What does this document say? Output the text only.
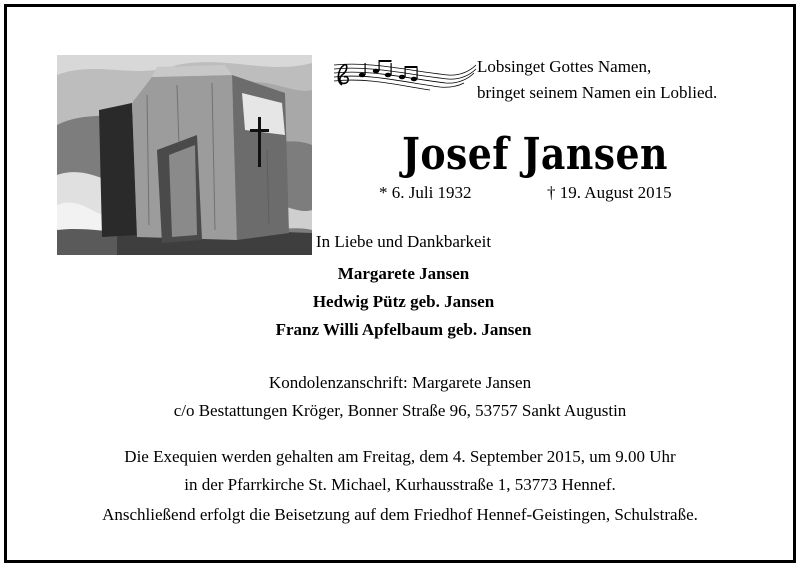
Lobsinget Gottes Namen,
bringet seinem Namen ein Loblied.
Josef Jansen
* 6. Juli 1932	† 19. August 2015
In Liebe und Dankbarkeit
Margarete Jansen
Hedwig Pütz geb. Jansen
Franz Willi Apfelbaum geb. Jansen
Kondolenzanschrift: Margarete Jansen
c/o Bestattungen Kröger, Bonner Straße 96, 53757 Sankt Augustin
Die Exequien werden gehalten am Freitag, dem 4. September 2015, um 9.00 Uhr
in der Pfarrkirche St. Michael, Kurhausstraße 1, 53773 Hennef.
Anschließend erfolgt die Beisetzung auf dem Friedhof Hennef-Geistingen, Schulstraße.
